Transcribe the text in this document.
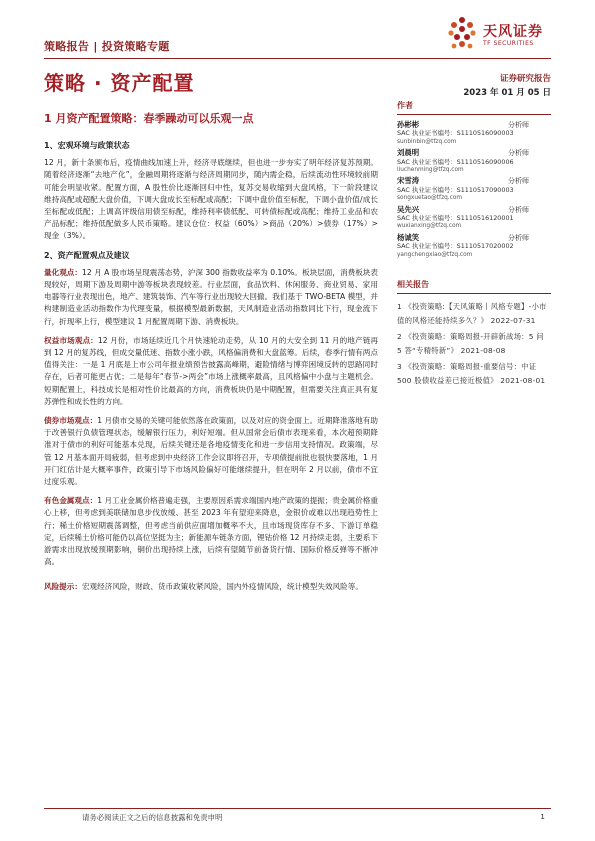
策略报告 | 投资策略专题
天风证券
TF SECURITIES
策略 · 资产配置	证券研究报告
2023 年 01 月 05 日
1 月资产配置策略：春季躁动可以乐观一点
1、宏观环境与政策状态
12 月，新十条颁布后，疫情曲线加速上升，经济寻底继续，但也进一步夯实了明年经济复苏预期。随着经济逐渐“去地产化”，金融周期将逐渐与经济周期同步，随内需企稳，后续流动性环境较前期可能会明显收紧。配置方面，A 股性价比逐渐回归中性，复苏交易收缩到大盘风格，下一阶段建议维持高配或超配大盘价值，下调大盘成长至标配或高配；下调中盘价值至标配，下调小盘价值/成长至标配或低配；上调高评级信用债至标配，维持利率债低配、可转债标配或高配；维持工业品和农产品标配；维持低配做多人民币策略。建议仓位：权益（60%）>商品（20%）>债券（17%）>现金（3%）。
2、资产配置观点及建议
量化观点：12 月 A 股市场呈现震荡态势，沪深 300 指数收益率为 0.10%。板块层面，消费板块表现较好，周期下游及周期中游等板块表现较差。行业层面，食品饮料、休闲服务、商业贸易、家用电器等行业表现出色，地产、建筑装饰、汽车等行业出现较大回撤。我们基于 TWO-BETA 模型，并构建制造业活动指数作为代理变量，根据模型最新数据，天风制造业活动指数同比下行，现金流下行，折现率上行，模型建议 1 月配置周期下游、消费板块。
权益市场观点：12 月份，市场延续近几个月快速轮动走势，从 10 月的大安全到 11 月的地产链再到 12 月的复苏线，但成交量低迷、指数小涨小跌，风格偏消费和大盘蓝筹。后续，春季行情有两点值得关注：一是 1 月底是上市公司年报业绩预告披露高峰期，避险情绪与博弈困境反转的思路同时存在，后者可能更占优；二是每年“春节->两会”市场上涨概率最高，且风格偏中小盘与主题机会。短期配置上，科技成长是相对性价比最高的方向，消费板块仍是中期配置，但需要关注真正具有复苏弹性和成长性的方向。
债券市场观点：1 月债市交易的关键可能依然落在政策面，以及对应的资金面上。近期降准落地有助于改善银行负债管理状态，缓解银行压力，利好短端。但从国常会后债市表现来看，本次超预期降准对于债市的利好可能基本兑现，后续关键还是各地疫情变化和进一步信用支持情况。政策端，尽管 12 月基本面开局疲弱，但考虑到中央经济工作会议即将召开，专项债提前批也很快要落地，1 月开门红估计是大概率事件，政策引导下市场风险偏好可能继续提升，但在明年 2 月以前，债市不宜过度乐观。
有色金属观点：1 月工业金属价格普遍走强，主要原因系需求端国内地产政策的提振；贵金属价格重心上移，但考虑到美联储加息步伐放缓、甚至 2023 年有望迎来降息，金银价或难以出现趋势性上行；稀土价格短期震荡调整，但考虑当前供应面增加概率不大，且市场现货库存不多、下游订单稳定，后续稀土价格可能仍以高位坚挺为主；新能源车链条方面，锂钴价格 12 月持续走弱，主要系下游需求出现放缓预期影响，铜价出现持续上涨，后续有望随节前备货行情、国际价格反弹等不断冲高。
风险提示：宏观经济风险，财政、货币政策收紧风险，国内外疫情风险，统计模型失效风险等。
作者
孙彬彬	分析师
SAC 执业证书编号：S1110516090003
sunbinbin@tfzq.com
刘晨明	分析师
SAC 执业证书编号：S1110516090006
liuchenming@tfzq.com
宋雪涛	分析师
SAC 执业证书编号：S1110517090003
songxuetao@tfzq.com
吴先兴	分析师
SAC 执业证书编号：S1110516120001
wuxianxing@tfzq.com
杨诚笑	分析师
SAC 执业证书编号：S1110517020002
yangchengxiao@tfzq.com
相关报告
1 《投资策略:【天风策略丨风格专题】-小市值的风格还能持续多久？》 2022-07-31
2 《投资策略：策略周报-开辟新战场：5 问 5 答“专精特新”》 2021-08-08
3 《投资策略：策略周报-重要信号：中证 500 股债收益差已接近极值》 2021-08-01
请务必阅读正文之后的信息披露和免责申明	1
